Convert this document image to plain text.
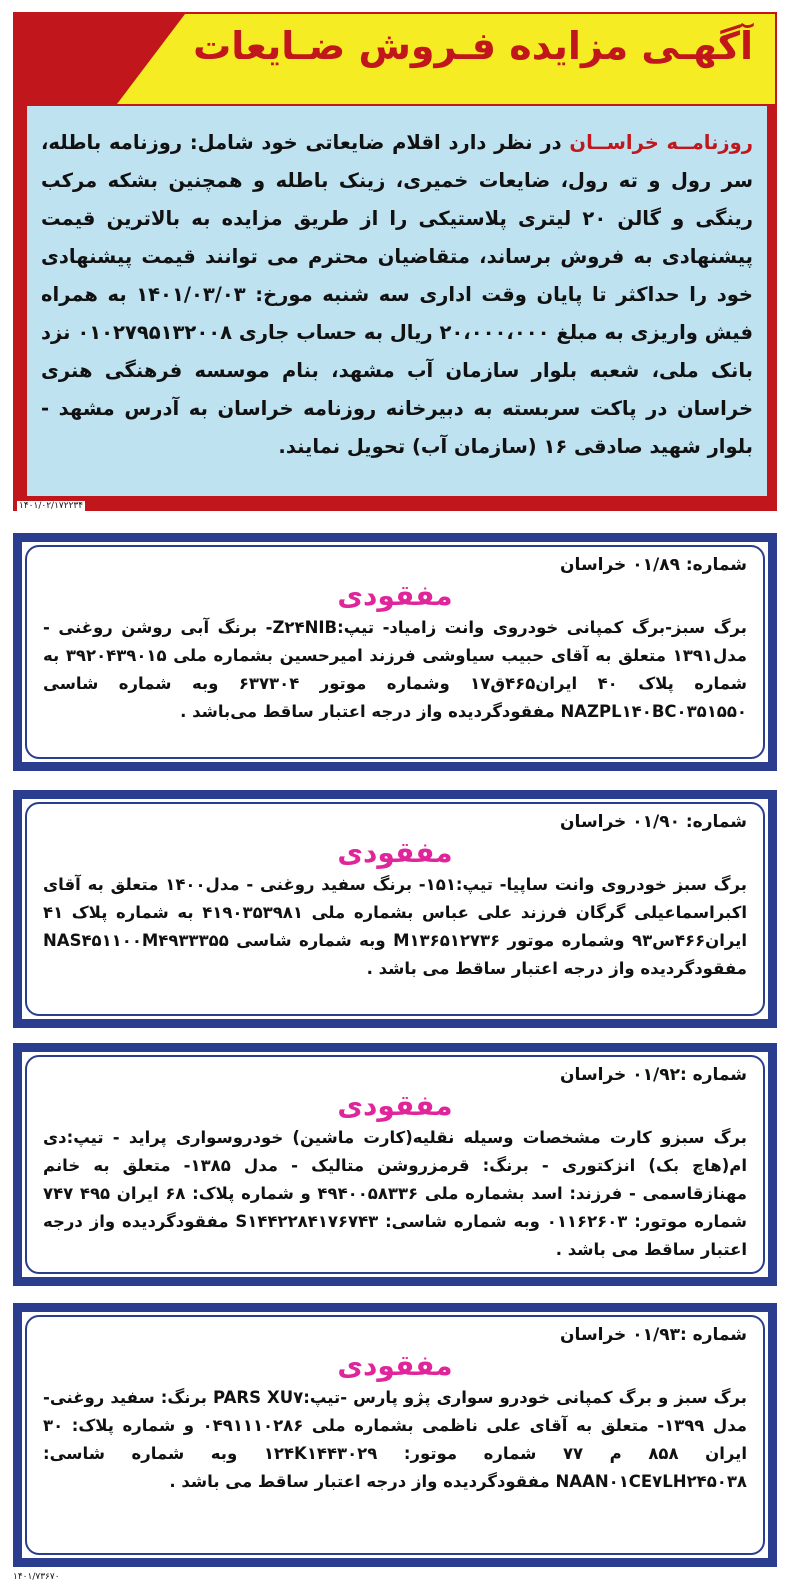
آگهـی مزایده فـروش ضـایعات
روزنامــه خراســان در نظر دارد اقلام ضایعاتی خود شامل: روزنامه باطله، سر رول و ته رول، ضایعات خمیری، زینک باطله و همچنین بشکه مرکب رینگی و گالن ۲۰ لیتری پلاستیکی را از طریق مزایده به بالاترین قیمت پیشنهادی به فروش برساند، متقاضیان محترم می توانند قیمت پیشنهادی خود را حداکثر تا پایان وقت اداری سه شنبه مورخ: ۱۴۰۱/۰۳/۰۳ به همراه فیش واریزی به مبلغ ۲۰،۰۰۰،۰۰۰ ریال به حساب جاری ۰۱۰۲۷۹۵۱۳۲۰۰۸ نزد بانک ملی، شعبه بلوار سازمان آب مشهد، بنام موسسه فرهنگی هنری خراسان در پاکت سربسته به دبیرخانه روزنامه خراسان به آدرس مشهد - بلوار شهید صادقی ۱۶ (سازمان آب) تحویل نمایند.
۱۴۰۱/۰۲/۱۷۲۲۳۴
شماره: ۰۱/۸۹ خراسان
مفقودی
برگ سبز-برگ کمپانی خودروی وانت زامیاد- تیپ:Z۲۴NIB- برنگ آبی روشن روغنی - مدل۱۳۹۱ متعلق به آقای حبیب سیاوشی فرزند امیرحسین بشماره ملی ۳۹۲۰۴۳۹۰۱۵ به شماره پلاک ۴۰ ایران۴۶۵ق۱۷ وشماره موتور ۶۳۷۳۰۴ وبه شماره شاسی NAZPL۱۴۰BC۰۳۵۱۵۵۰ مفقودگردیده واز درجه اعتبار ساقط می‌باشد .
شماره: ۰۱/۹۰ خراسان
مفقودی
برگ سبز خودروی وانت ساپیا- تیپ:۱۵۱- برنگ سفید روغنی - مدل۱۴۰۰ متعلق به آقای اکبراسماعیلی گرگان فرزند علی عباس بشماره ملی ۴۱۹۰۳۵۳۹۸۱ به شماره پلاک ۴۱ ایران۴۶۶س۹۳ وشماره موتور M۱۳۶۵۱۲۷۳۶ وبه شماره شاسی NAS۴۵۱۱۰۰M۴۹۳۳۳۵۵ مفقودگردیده واز درجه اعتبار ساقط می باشد .
شماره :۰۱/۹۲ خراسان
مفقودی
برگ سبزو کارت مشخصات وسیله نقلیه(کارت ماشین) خودروسواری پراید - تیپ:دی ام(هاچ بک) انزکتوری - برنگ: قرمزروشن متالیک - مدل ۱۳۸۵- متعلق به خانم مهنازقاسمی - فرزند: اسد بشماره ملی ۴۹۴۰۰۵۸۳۳۶ و شماره پلاک: ۶۸ ایران ۴۹۵ ۷۴۷ شماره موتور: ۰۱۱۶۲۶۰۳ وبه شماره شاسی: S۱۴۴۲۲۸۴۱۷۶۷۴۳ مفقودگردیده واز درجه اعتبار ساقط می باشد .
شماره :۰۱/۹۳ خراسان
مفقودی
برگ سبز و برگ کمپانی خودرو سواری پژو پارس -تیپ:PARS XU۷ برنگ: سفید روغنی- مدل ۱۳۹۹- متعلق به آقای علی ناظمی بشماره ملی ۰۴۹۱۱۱۰۲۸۶ و شماره پلاک: ۳۰ ایران ۸۵۸ م ۷۷ شماره موتور: ۱۲۴K۱۴۴۳۰۲۹ وبه شماره شاسی: NAAN۰۱CE۷LH۲۴۵۰۳۸ مفقودگردیده واز درجه اعتبار ساقط می باشد .
۱۴۰۱/۷۳۶۷۰
